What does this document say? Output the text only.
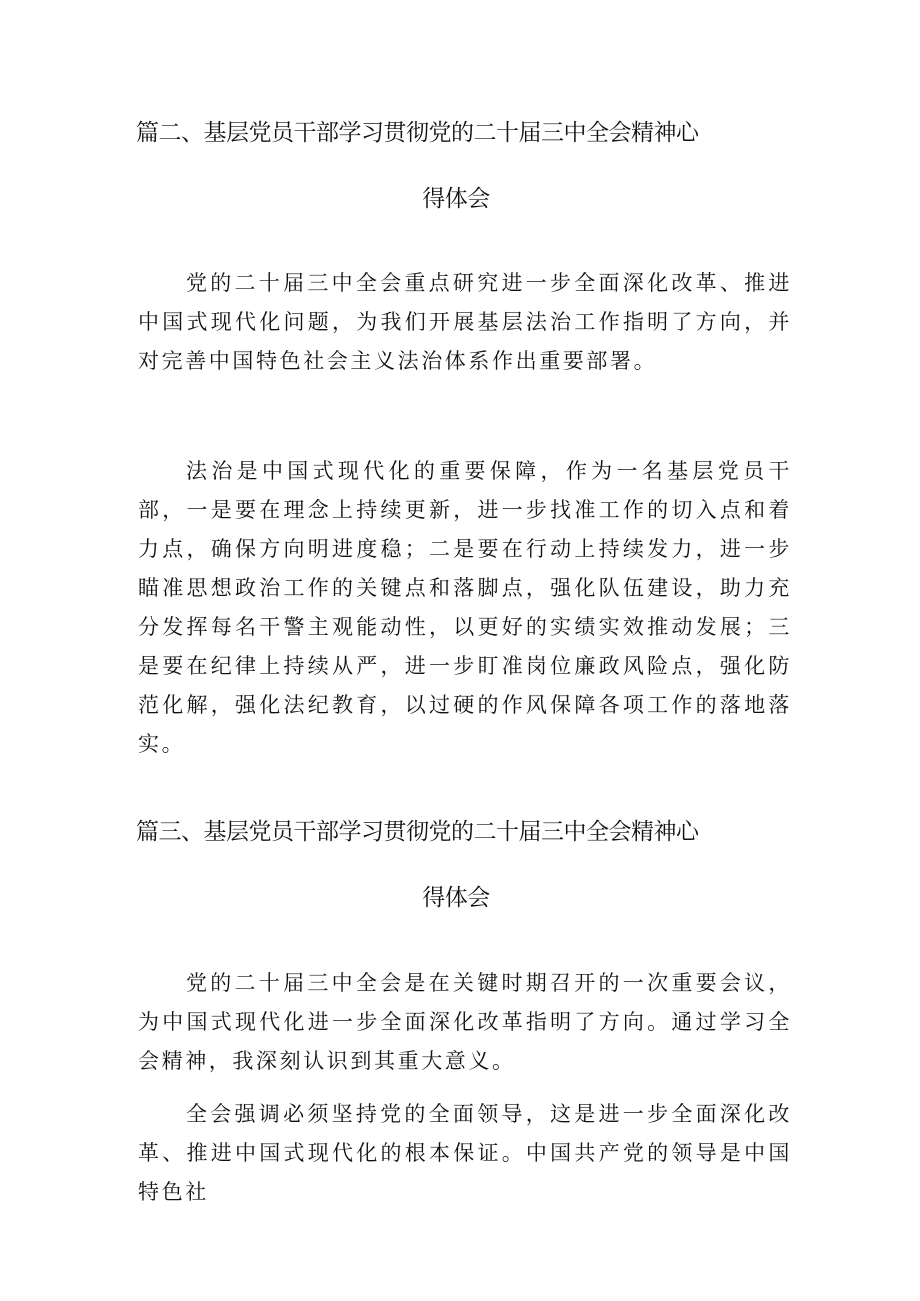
篇二、基层党员干部学习贯彻党的二十届三中全会精神心
得体会

党的二十届三中全会重点研究进一步全面深化改革、推进中国式现代化问题，为我们开展基层法治工作指明了方向，并对完善中国特色社会主义法治体系作出重要部署。

法治是中国式现代化的重要保障，作为一名基层党员干部，一是要在理念上持续更新，进一步找准工作的切入点和着力点，确保方向明进度稳；二是要在行动上持续发力，进一步瞄准思想政治工作的关键点和落脚点，强化队伍建设，助力充分发挥每名干警主观能动性，以更好的实绩实效推动发展；三是要在纪律上持续从严，进一步盯准岗位廉政风险点，强化防范化解，强化法纪教育，以过硬的作风保障各项工作的落地落实。

篇三、基层党员干部学习贯彻党的二十届三中全会精神心
得体会

党的二十届三中全会是在关键时期召开的一次重要会议，为中国式现代化进一步全面深化改革指明了方向。通过学习全会精神，我深刻认识到其重大意义。

全会强调必须坚持党的全面领导，这是进一步全面深化改革、推进中国式现代化的根本保证。中国共产党的领导是中国特色社
